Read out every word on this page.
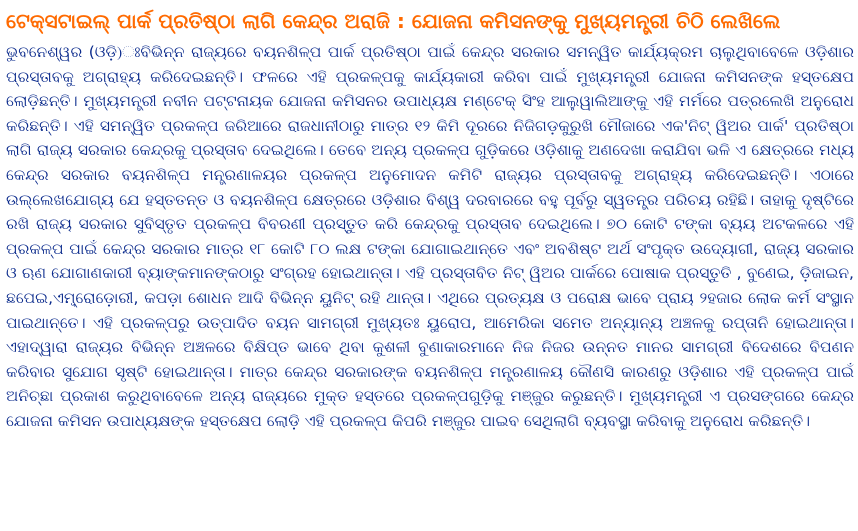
ଟେକ୍ସଟାଇଲ୍ ପାର୍କ ପ୍ରତିଷ୍ଠା ଲାଗି କେନ୍ଦ୍ର ଅରାଜି : ଯୋଜନା କମିସନଙ୍କୁ ମୁଖ୍ୟମନ୍ତ୍ରୀ ଚିଠି ଲେଖିଲେ

ଭୁବନେଶ୍ୱର (ଓଡ଼ି)ଃବିଭିନ୍ନ ରାଜ୍ୟରେ ବୟନଶିଳ୍ପ ପାର୍କ ପ୍ରତିଷ୍ଠା ପାଇଁ କେନ୍ଦ୍ର ସରକାର ସମନ୍ୱିତ କାର୍ଯ୍ୟକ୍ରମ ଚାଲୁଥିବାବେଳେ ଓଡ଼ିଶାର ପ୍ରସ୍ତାବକୁ ଅଗ୍ରାହ୍ୟ କରିଦେଇଛନ୍ତି। ଫଳରେ ଏହି ପ୍ରକଳ୍ପକୁ କାର୍ଯ୍ୟକାରୀ କରିବା ପାଇଁ ମୁଖ୍ୟମନ୍ତ୍ରୀ ଯୋଜନା କମିସନଙ୍କ ହସ୍ତକ୍ଷେପ ଲୋଡ଼ିଛନ୍ତି। ମୁଖ୍ୟମନ୍ତ୍ରୀ ନବୀନ ପଟ୍ଟନାୟକ ଯୋଜନା କମିସନର ଉପାଧ୍ୟକ୍ଷ ମଣ୍ଟେକ୍ ସିଂହ ଆଲୁୱାଲିଆଙ୍କୁ ଏହି ମର୍ମରେ ପତ୍ରଲେଖି ଅନୁରୋଧ କରିଛନ୍ତି। ଏହି ସମନ୍ୱିତ ପ୍ରକଳ୍ପ ଜରିଆରେ ରାଜଧାନୀଠାରୁ ମାତ୍ର ୧୨ କିମି ଦୂରରେ ନିଜିଗଡ଼କୁରୁଖି ମୌଜାରେ ଏକ'ନିଟ୍ ୱିଅର ପାର୍କ' ପ୍ରତିଷ୍ଠା ଲାଗି ରାଜ୍ୟ ସରକାର କେନ୍ଦ୍ରକୁ ପ୍ରସ୍ତାବ ଦେଇଥିଲେ। ତେବେ ଅନ୍ୟ ପ୍ରକଳ୍ପ ଗୁଡ଼ିକରେ ଓଡ଼ିଶାକୁ ଅଣଦେଖା କରାଯିବା ଭଳି ଏ କ୍ଷେତ୍ରରେ ମଧ୍ୟ କେନ୍ଦ୍ର ସରକାର ବୟନଶିଳ୍ପ ମନ୍ତ୍ରଣାଳୟର ପ୍ରକଳ୍ପ ଅନୁମୋଦନ କମିଟି ରାଜ୍ୟର ପ୍ରସ୍ତାବକୁ ଅଗ୍ରାହ୍ୟ କରିଦେଇଛନ୍ତି। ଏଠାରେ ଉଲ୍ଲେଖଯୋଗ୍ୟ ଯେ ହସ୍ତତନ୍ତ ଓ ବୟନଶିଳ୍ପ କ୍ଷେତ୍ରରେ ଓଡ଼ିଶାର ବିଶ୍ୱ ଦରବାରରେ ବହୁ ପୂର୍ବରୁ ସ୍ୱତନ୍ତ୍ର ପରିଚୟ ରହିଛି। ତାହାକୁ ଦୃଷ୍ଟିରେ ରଖି ରାଜ୍ୟ ସରକାର ସୁବିସ୍ତୃତ ପ୍ରକଳ୍ପ ବିବରଣୀ ପ୍ରସ୍ତୁତ କରି କେନ୍ଦ୍ରକୁ ପ୍ରସ୍ତାବ ଦେଇଥିଲେ। ୭୦ କୋଟି ଟଙ୍କା ବ୍ୟୟ ଅଟକଳରେ ଏହି ପ୍ରକଳ୍ପ ପାଇଁ କେନ୍ଦ୍ର ସରକାର ମାତ୍ର ୧୮ କୋଟି ୮୦ ଲକ୍ଷ ଟଙ୍କା ଯୋଗାଇଥାନ୍ତେ ଏବଂ ଅବଶିଷ୍ଟ ଅର୍ଥ ସଂପୃକ୍ତ ଉଦ୍ୟୋଗୀ, ରାଜ୍ୟ ସରକାର ଓ ଋଣ ଯୋଗାଣକାରୀ ବ୍ୟାଙ୍କମାନଙ୍କଠାରୁ ସଂଗ୍ରହ ହୋଇଥାନ୍ତା। ଏହି ପ୍ରସ୍ତାବିତ ନିଟ୍ ୱିଅର ପାର୍କରେ ପୋଷାକ ପ୍ରସ୍ତୁତି , ବୁଣେଇ, ଡ଼ିଜାଇନ, ଛପେଇ,ଏମ୍ବ୍ରୋଡ଼ୋରୀ, କପଡ଼ା ଶୋଧନ ଆଦି ବିଭିନ୍ନ ୟୁନିଟ୍ ରହି ଥାନ୍ତା। ଏଥିରେ ପ୍ରତ୍ୟକ୍ଷ ଓ ପରୋକ୍ଷ ଭାବେ ପ୍ରାୟ ୨ହଜାର ଲୋକ କର୍ମ ସଂସ୍ଥାନ ପାଇଥାନ୍ତେ। ଏହି ପ୍ରକଳ୍ପରୁ ଉତ୍ପାଦିତ ବୟନ ସାମଗ୍ରୀ ମୁଖ୍ୟତଃ ୟୁରୋପ, ଆମେରିକା ସମେତ ଅନ୍ୟାନ୍ୟ ଅଞ୍ଚଳକୁ ରପ୍ତାନି ହୋଇଥାନ୍ତା। ଏହାଦ୍ୱାରା ରାଜ୍ୟର ବିଭିନ୍ନ ଅଞ୍ଚଳରେ ବିକ୍ଷିପ୍ତ ଭାବେ ଥିବା କୁଶଳୀ ବୁଣାକାରମାନେ ନିଜ ନିଜର ଉନ୍ନତ ମାନର ସାମଗ୍ରୀ ବିଦେଶରେ ବିପଣନ କରିବାର ସୁଯୋଗ ସୃଷ୍ଟି ହୋଇଥାନ୍ତା। ମାତ୍ର କେନ୍ଦ୍ର ସରକାରଙ୍କ ବୟନଶିଳ୍ପ ମନ୍ତ୍ରଣାଳୟ କୌଣସି କାରଣରୁ ଓଡ଼ିଶାର ଏହି ପ୍ରକଳ୍ପ ପାଇଁ ଅନିଚ୍ଛା ପ୍ରକାଶ କରୁଥିବାବେଳେ ଅନ୍ୟ ରାଜ୍ୟରେ ମୁକ୍ତ ହସ୍ତରେ ପ୍ରକଳ୍ପଗୁଡ଼ିକୁ ମଞ୍ଜୁର କରୁଛନ୍ତି। ମୁଖ୍ୟମନ୍ତ୍ରୀ ଏ ପ୍ରସଙ୍ଗରେ କେନ୍ଦ୍ର ଯୋଜନା କମିସନ ଉପାଧ୍ୟକ୍ଷଙ୍କ ହସ୍ତକ୍ଷେପ ଲୋଡ଼ି ଏହି ପ୍ରକଳ୍ପ କିପରି ମଞ୍ଜୁର ପାଇବ ସେଥିଲାଗି ବ୍ୟବସ୍ଥା କରିବାକୁ ଅନୁରୋଧ କରିଛନ୍ତି।
